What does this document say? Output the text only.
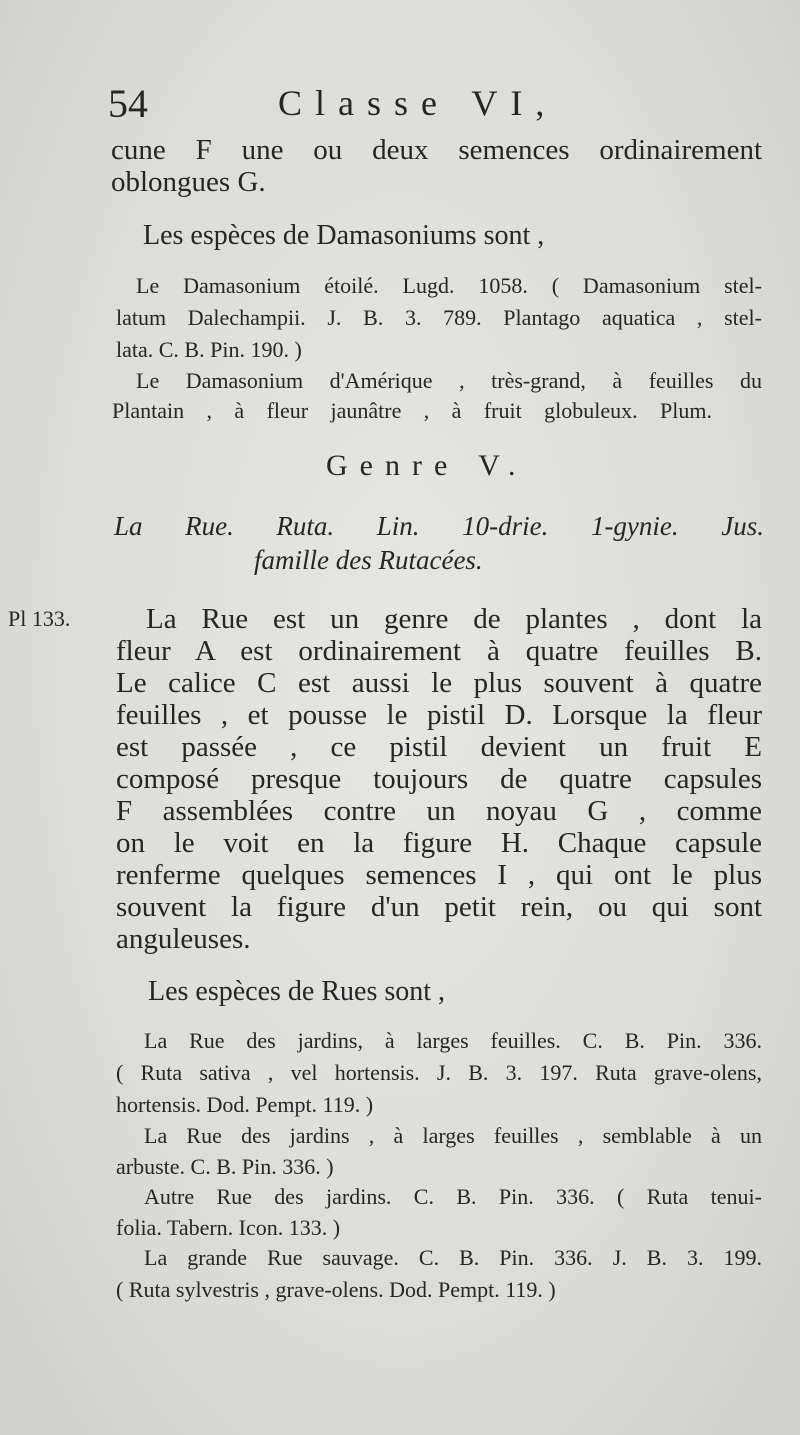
54	Classe VI,
cune F une ou deux semences ordinairement
oblongues G.
Les espèces de Damasoniums sont ,
Le Damasonium étoilé. Lugd. 1058. ( Damasonium stel-
latum Dalechampii. J. B. 3. 789. Plantago aquatica , stel-
lata. C. B. Pin. 190. )
Le Damasonium d'Amérique , très-grand, à feuilles du
Plantain , à fleur jaunâtre , à fruit globuleux. Plum.
Genre V.
La Rue. Ruta. Lin. 10-drie. 1-gynie. Jus.
famille des Rutacées.
Pl 133.	La Rue est un genre de plantes , dont la
fleur A est ordinairement à quatre feuilles B.
Le calice C est aussi le plus souvent à quatre
feuilles , et pousse le pistil D. Lorsque la fleur
est passée , ce pistil devient un fruit E
composé presque toujours de quatre capsules
F assemblées contre un noyau G , comme
on le voit en la figure H. Chaque capsule
renferme quelques semences I , qui ont le plus
souvent la figure d'un petit rein, ou qui sont
anguleuses.
Les espèces de Rues sont ,
La Rue des jardins, à larges feuilles. C. B. Pin. 336.
( Ruta sativa , vel hortensis. J. B. 3. 197. Ruta grave-olens,
hortensis. Dod. Pempt. 119. )
La Rue des jardins , à larges feuilles , semblable à un
arbuste. C. B. Pin. 336. )
Autre Rue des jardins. C. B. Pin. 336. ( Ruta tenui-
folia. Tabern. Icon. 133. )
La grande Rue sauvage. C. B. Pin. 336. J. B. 3. 199.
( Ruta sylvestris , grave-olens. Dod. Pempt. 119. )
